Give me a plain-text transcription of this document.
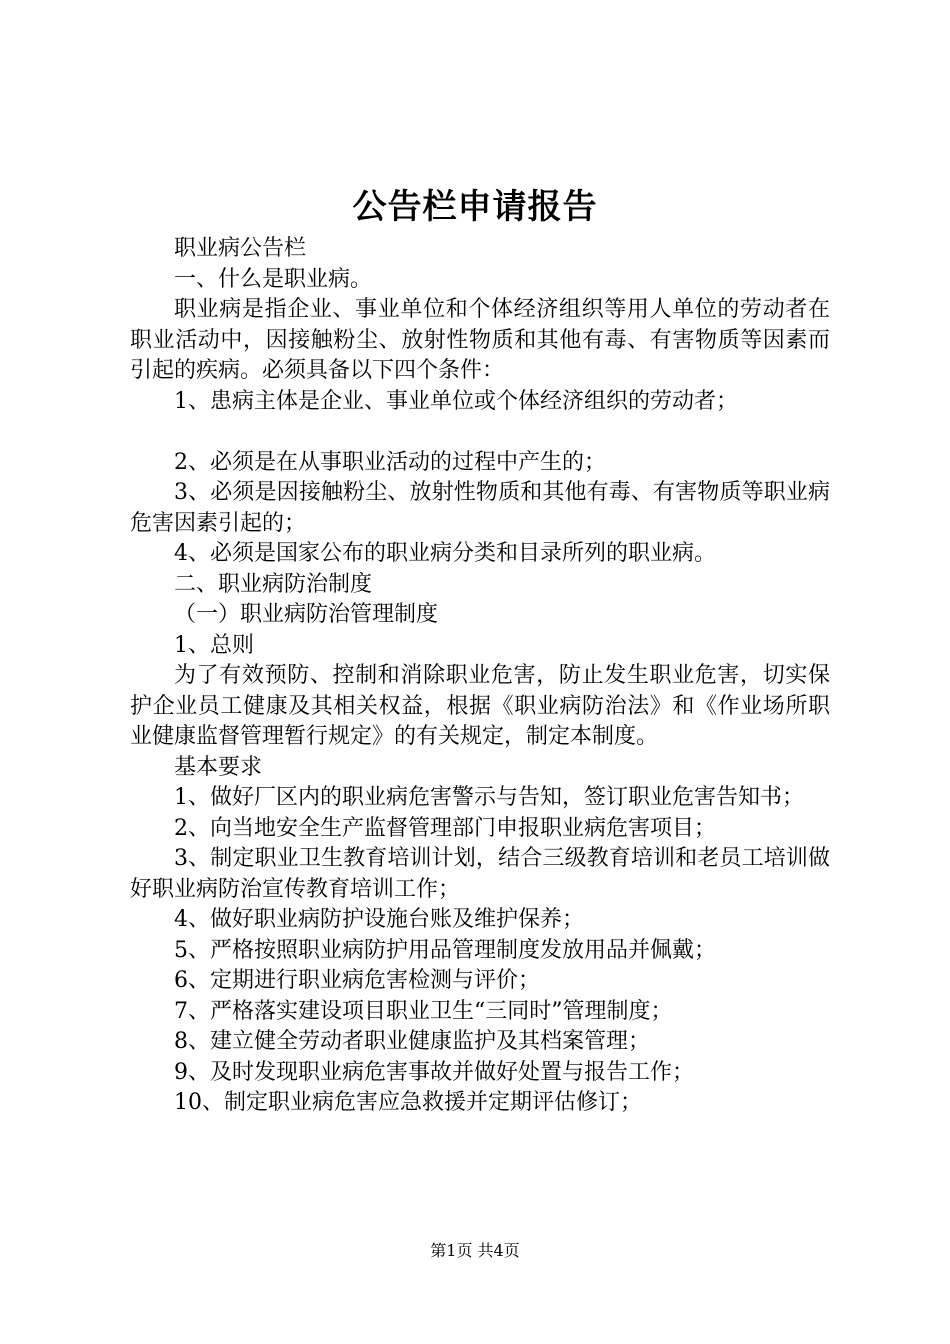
公告栏申请报告

职业病公告栏

一、什么是职业病。

职业病是指企业、事业单位和个体经济组织等用人单位的劳动者在职业活动中，因接触粉尘、放射性物质和其他有毒、有害物质等因素而引起的疾病。必须具备以下四个条件：

1、患病主体是企业、事业单位或个体经济组织的劳动者；

2、必须是在从事职业活动的过程中产生的；

3、必须是因接触粉尘、放射性物质和其他有毒、有害物质等职业病危害因素引起的；

4、必须是国家公布的职业病分类和目录所列的职业病。

二、职业病防治制度

（一）职业病防治管理制度

1、总则

为了有效预防、控制和消除职业危害，防止发生职业危害，切实保护企业员工健康及其相关权益，根据《职业病防治法》和《作业场所职业健康监督管理暂行规定》的有关规定，制定本制度。

基本要求

1、做好厂区内的职业病危害警示与告知，签订职业危害告知书；

2、向当地安全生产监督管理部门申报职业病危害项目；

3、制定职业卫生教育培训计划，结合三级教育培训和老员工培训做好职业病防治宣传教育培训工作；

4、做好职业病防护设施台账及维护保养；

5、严格按照职业病防护用品管理制度发放用品并佩戴；

6、定期进行职业病危害检测与评价；

7、严格落实建设项目职业卫生“三同时”管理制度；

8、建立健全劳动者职业健康监护及其档案管理；

9、及时发现职业病危害事故并做好处置与报告工作；

10、制定职业病危害应急救援并定期评估修订；

第1页 共4页
